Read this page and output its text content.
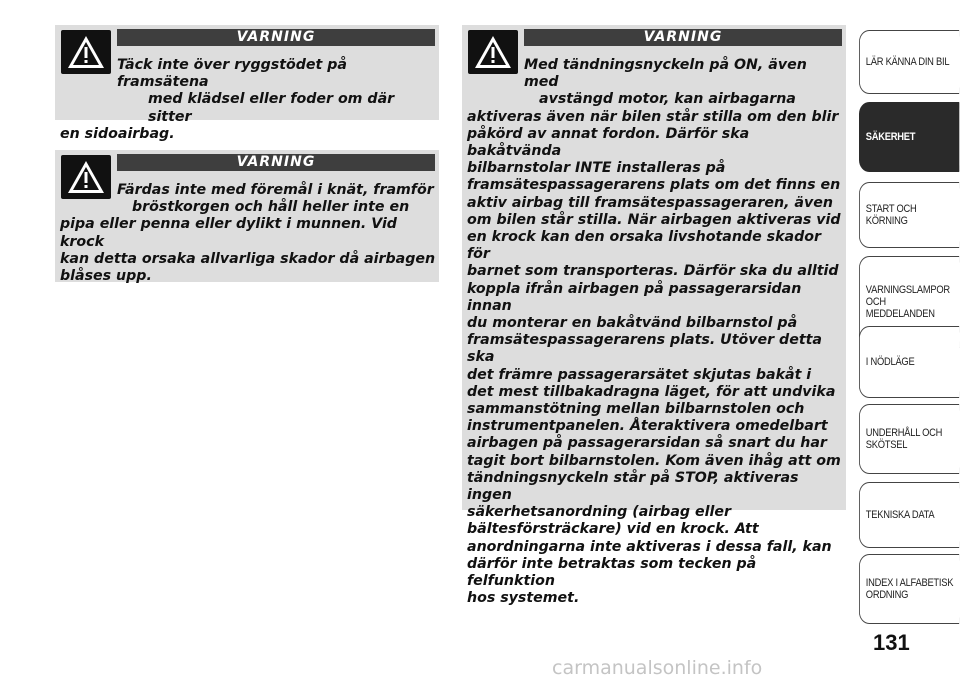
VARNING
Täck inte över ryggstödet på framsätena
med klädsel eller foder om där sitter
en sidoairbag.
VARNING
Färdas inte med föremål i knät, framför
bröstkorgen och håll heller inte en
pipa eller penna eller dylikt i munnen. Vid krock
kan detta orsaka allvarliga skador då airbagen
blåses upp.
VARNING
Med tändningsnyckeln på ON, även med
avstängd motor, kan airbagarna
aktiveras även när bilen står stilla om den blir
påkörd av annat fordon. Därför ska bakåtvända
bilbarnstolar INTE installeras på
framsätespassagerarens plats om det finns en
aktiv airbag till framsätespassageraren, även
om bilen står stilla. När airbagen aktiveras vid
en krock kan den orsaka livshotande skador för
barnet som transporteras. Därför ska du alltid
koppla ifrån airbagen på passagerarsidan innan
du monterar en bakåtvänd bilbarnstol på
framsätespassagerarens plats. Utöver detta ska
det främre passagerarsätet skjutas bakåt i
det mest tillbakadragna läget, för att undvika
sammanstötning mellan bilbarnstolen och
instrumentpanelen. Återaktivera omedelbart
airbagen på passagerarsidan så snart du har
tagit bort bilbarnstolen. Kom även ihåg att om
tändningsnyckeln står på STOP, aktiveras ingen
säkerhetsanordning (airbag eller
bältesförsträckare) vid en krock. Att
anordningarna inte aktiveras i dessa fall, kan
därför inte betraktas som tecken på felfunktion
hos systemet.
LÄR KÄNNA DIN BIL
SÄKERHET
START OCH
KÖRNING
VARNINGSLAMPOR
OCH
MEDDELANDEN
I NÖDLÄGE
UNDERHÅLL OCH
SKÖTSEL
TEKNISKA DATA
INDEX I ALFABETISK
ORDNING
131
carmanualsonline.info
